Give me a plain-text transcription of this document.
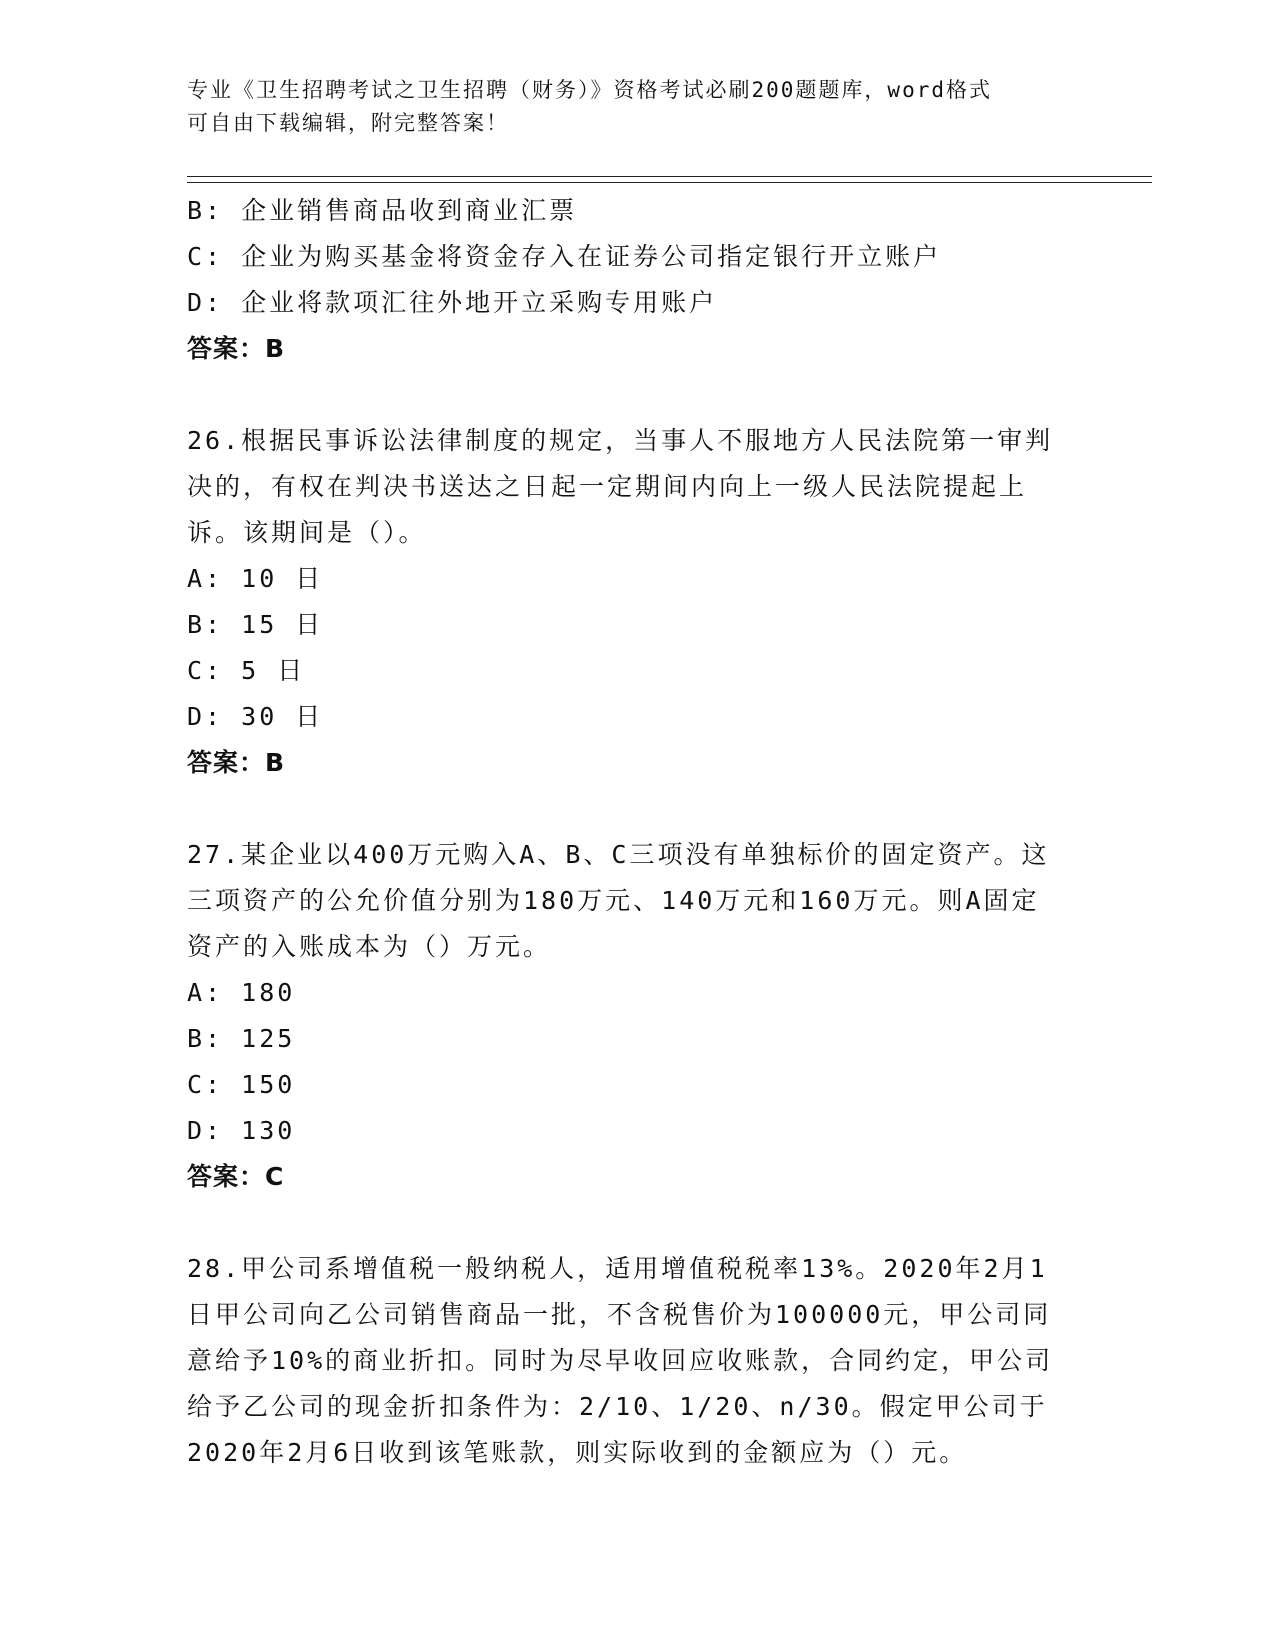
专业《卫生招聘考试之卫生招聘（财务）》资格考试必刷200题题库，word格式
可自由下载编辑，附完整答案！
B: 企业销售商品收到商业汇票
C: 企业为购买基金将资金存入在证券公司指定银行开立账户
D: 企业将款项汇往外地开立采购专用账户
答案：B
26.根据民事诉讼法律制度的规定，当事人不服地方人民法院第一审判
决的，有权在判决书送达之日起一定期间内向上一级人民法院提起上
诉。该期间是（）。
A: 10 日
B: 15 日
C: 5 日
D: 30 日
答案：B
27.某企业以400万元购入A、B、C三项没有单独标价的固定资产。这
三项资产的公允价值分别为180万元、140万元和160万元。则A固定
资产的入账成本为（）万元。
A: 180
B: 125
C: 150
D: 130
答案：C
28.甲公司系增值税一般纳税人，适用增值税税率13%。2020年2月1
日甲公司向乙公司销售商品一批，不含税售价为100000元，甲公司同
意给予10%的商业折扣。同时为尽早收回应收账款，合同约定，甲公司
给予乙公司的现金折扣条件为：2/10、1/20、n/30。假定甲公司于
2020年2月6日收到该笔账款，则实际收到的金额应为（）元。
